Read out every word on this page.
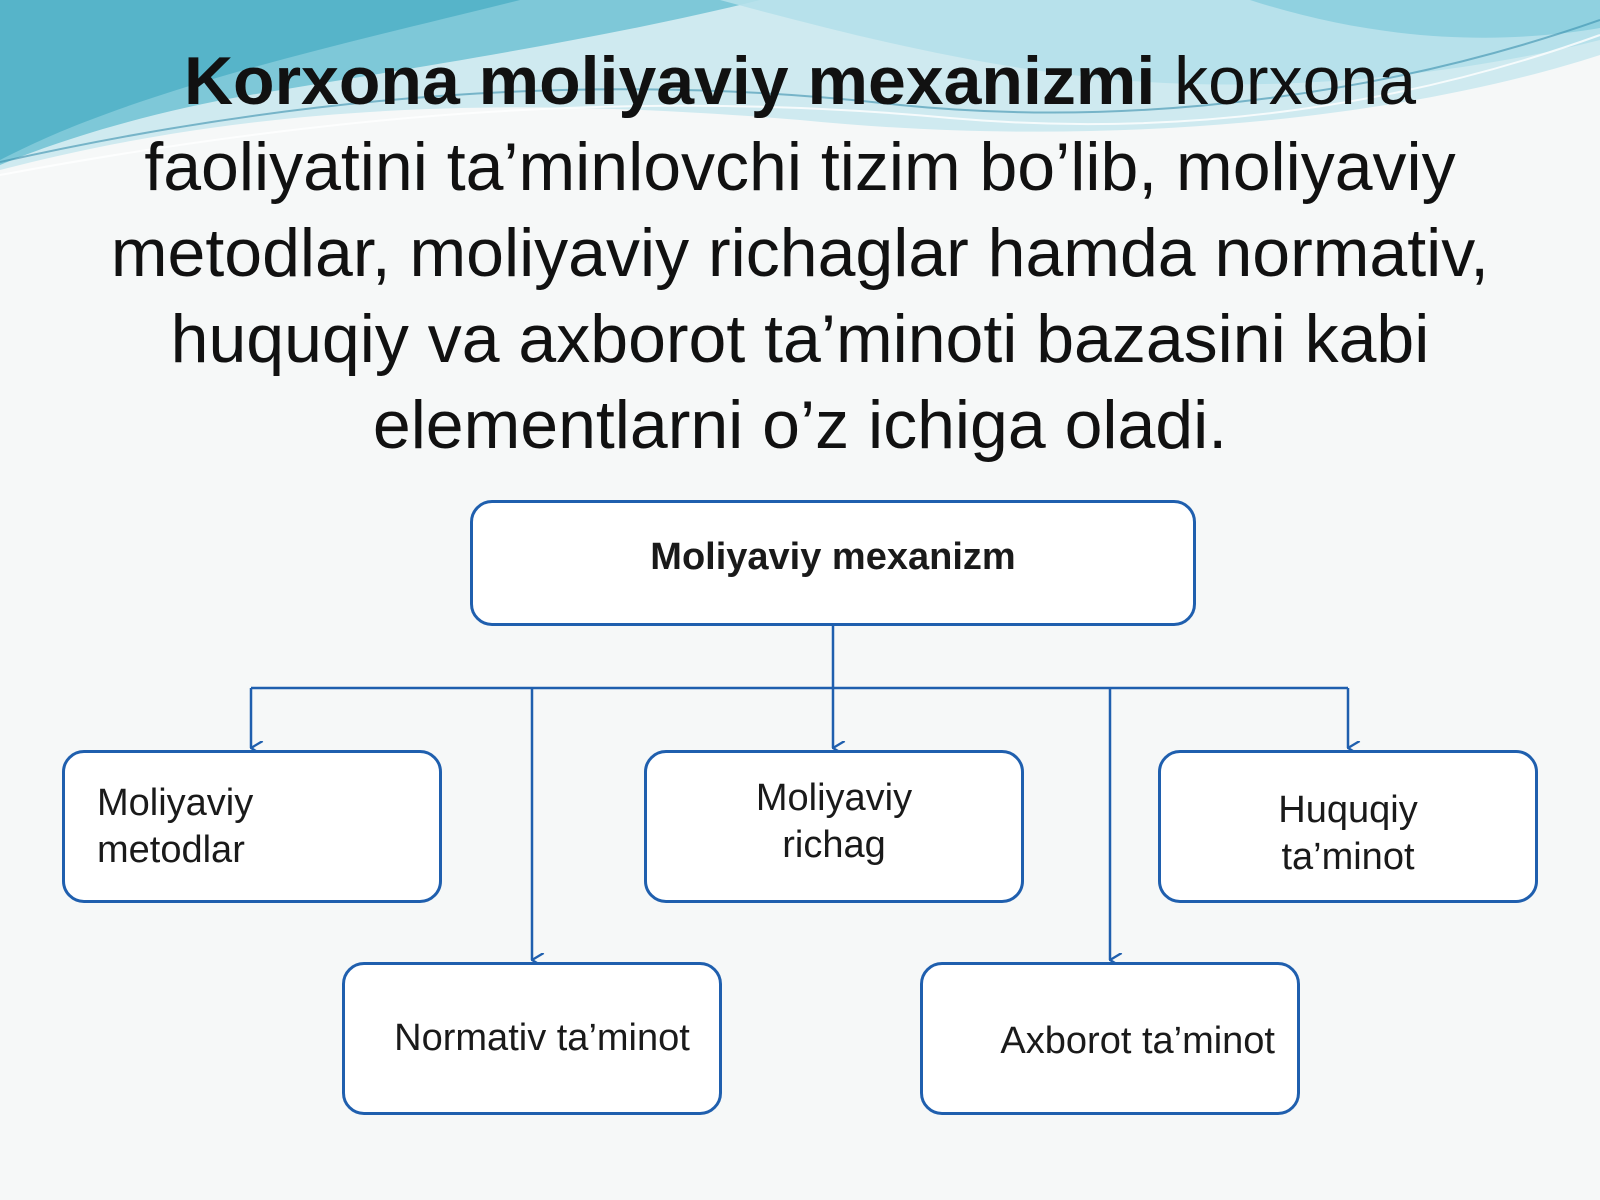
Korxona moliyaviy mexanizmi korxona faoliyatini ta’minlovchi tizim bo’lib, moliyaviy metodlar, moliyaviy richaglar hamda normativ, huquqiy va axborot ta’minoti bazasini kabi elementlarni o’z ichiga oladi.
Moliyaviy mexanizm
Moliyaviy
metodlar
Moliyaviy
richag
Huquqiy
ta’minot
Normativ ta’minot	Axborot ta’minot
